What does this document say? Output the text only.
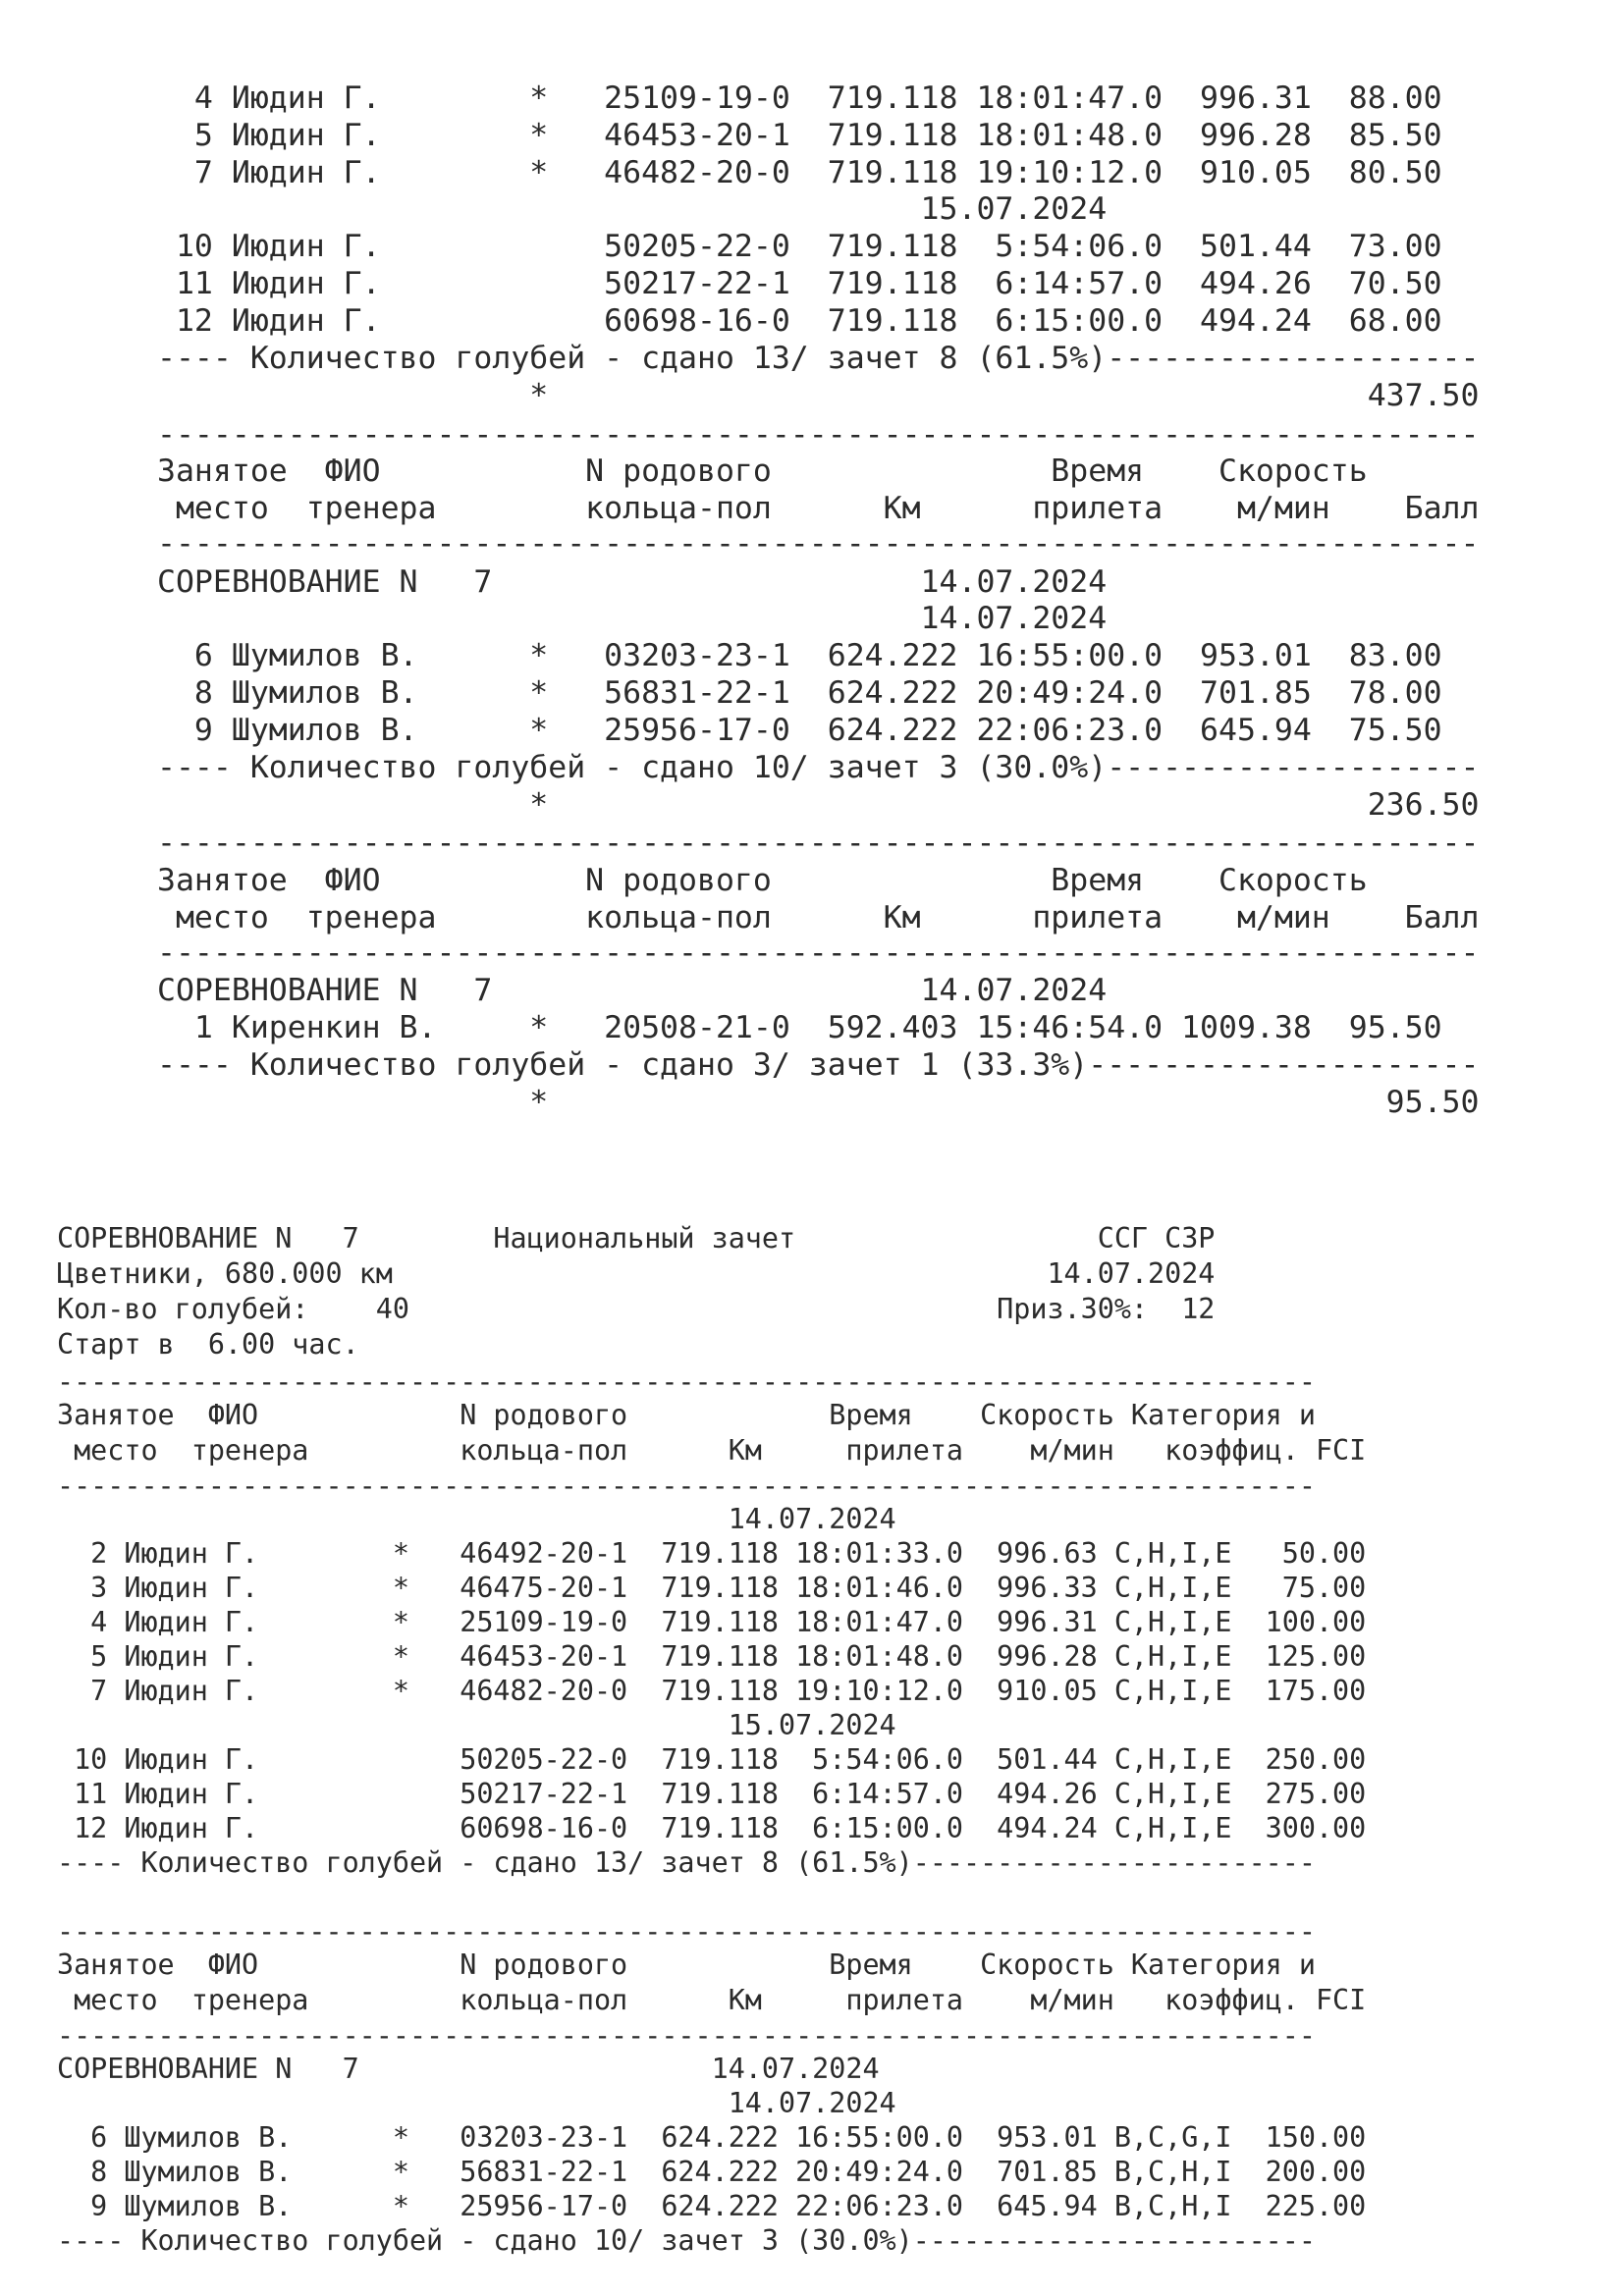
4 Июдин Г.        *   25109-19-0  719.118 18:01:47.0  996.31  88.00
5 Июдин Г.        *   46453-20-1  719.118 18:01:48.0  996.28  85.50
7 Июдин Г.        *   46482-20-0  719.118 19:10:12.0  910.05  80.50
15.07.2024
10 Июдин Г.            50205-22-0  719.118  5:54:06.0  501.44  73.00
11 Июдин Г.            50217-22-1  719.118  6:14:57.0  494.26  70.50
12 Июдин Г.            60698-16-0  719.118  6:15:00.0  494.24  68.00
---- Количество голубей - сдано 13/ зачет 8 (61.5%)--------------------
*                                            437.50
-----------------------------------------------------------------------
Занятое  ФИО           N родового               Время    Скорость
место  тренера        кольца-пол      Км      прилета    м/мин    Балл
-----------------------------------------------------------------------
СОРЕВНОВАНИЕ N   7                       14.07.2024
14.07.2024
6 Шумилов В.      *   03203-23-1  624.222 16:55:00.0  953.01  83.00
8 Шумилов В.      *   56831-22-1  624.222 20:49:24.0  701.85  78.00
9 Шумилов В.      *   25956-17-0  624.222 22:06:23.0  645.94  75.50
---- Количество голубей - сдано 10/ зачет 3 (30.0%)--------------------
*                                            236.50
-----------------------------------------------------------------------
Занятое  ФИО           N родового               Время    Скорость
место  тренера        кольца-пол      Км      прилета    м/мин    Балл
-----------------------------------------------------------------------
СОРЕВНОВАНИЕ N   7                       14.07.2024
1 Киренкин В.     *   20508-21-0  592.403 15:46:54.0 1009.38  95.50
---- Количество голубей - сдано 3/ зачет 1 (33.3%)---------------------
*                                             95.50
СОРЕВНОВАНИЕ N   7        Национальный зачет                  ССГ СЗР
Цветники, 680.000 км                                       14.07.2024
Кол-во голубей:    40                                   Приз.30%:  12
Старт в  6.00 час.
---------------------------------------------------------------------------
Занятое  ФИО            N родового            Время    Скорость Категория и
место  тренера         кольца-пол      Км     прилета    м/мин   коэффиц. FCI
---------------------------------------------------------------------------
14.07.2024
2 Июдин Г.        *   46492-20-1  719.118 18:01:33.0  996.63 C,H,I,E   50.00
3 Июдин Г.        *   46475-20-1  719.118 18:01:46.0  996.33 C,H,I,E   75.00
4 Июдин Г.        *   25109-19-0  719.118 18:01:47.0  996.31 C,H,I,E  100.00
5 Июдин Г.        *   46453-20-1  719.118 18:01:48.0  996.28 C,H,I,E  125.00
7 Июдин Г.        *   46482-20-0  719.118 19:10:12.0  910.05 C,H,I,E  175.00
15.07.2024
10 Июдин Г.            50205-22-0  719.118  5:54:06.0  501.44 C,H,I,E  250.00
11 Июдин Г.            50217-22-1  719.118  6:14:57.0  494.26 C,H,I,E  275.00
12 Июдин Г.            60698-16-0  719.118  6:15:00.0  494.24 C,H,I,E  300.00
---- Количество голубей - сдано 13/ зачет 8 (61.5%)------------------------
---------------------------------------------------------------------------
Занятое  ФИО            N родового            Время    Скорость Категория и
место  тренера         кольца-пол      Км     прилета    м/мин   коэффиц. FCI
---------------------------------------------------------------------------
СОРЕВНОВАНИЕ N   7                     14.07.2024
14.07.2024
6 Шумилов В.      *   03203-23-1  624.222 16:55:00.0  953.01 B,C,G,I  150.00
8 Шумилов В.      *   56831-22-1  624.222 20:49:24.0  701.85 B,C,H,I  200.00
9 Шумилов В.      *   25956-17-0  624.222 22:06:23.0  645.94 B,C,H,I  225.00
---- Количество голубей - сдано 10/ зачет 3 (30.0%)------------------------
